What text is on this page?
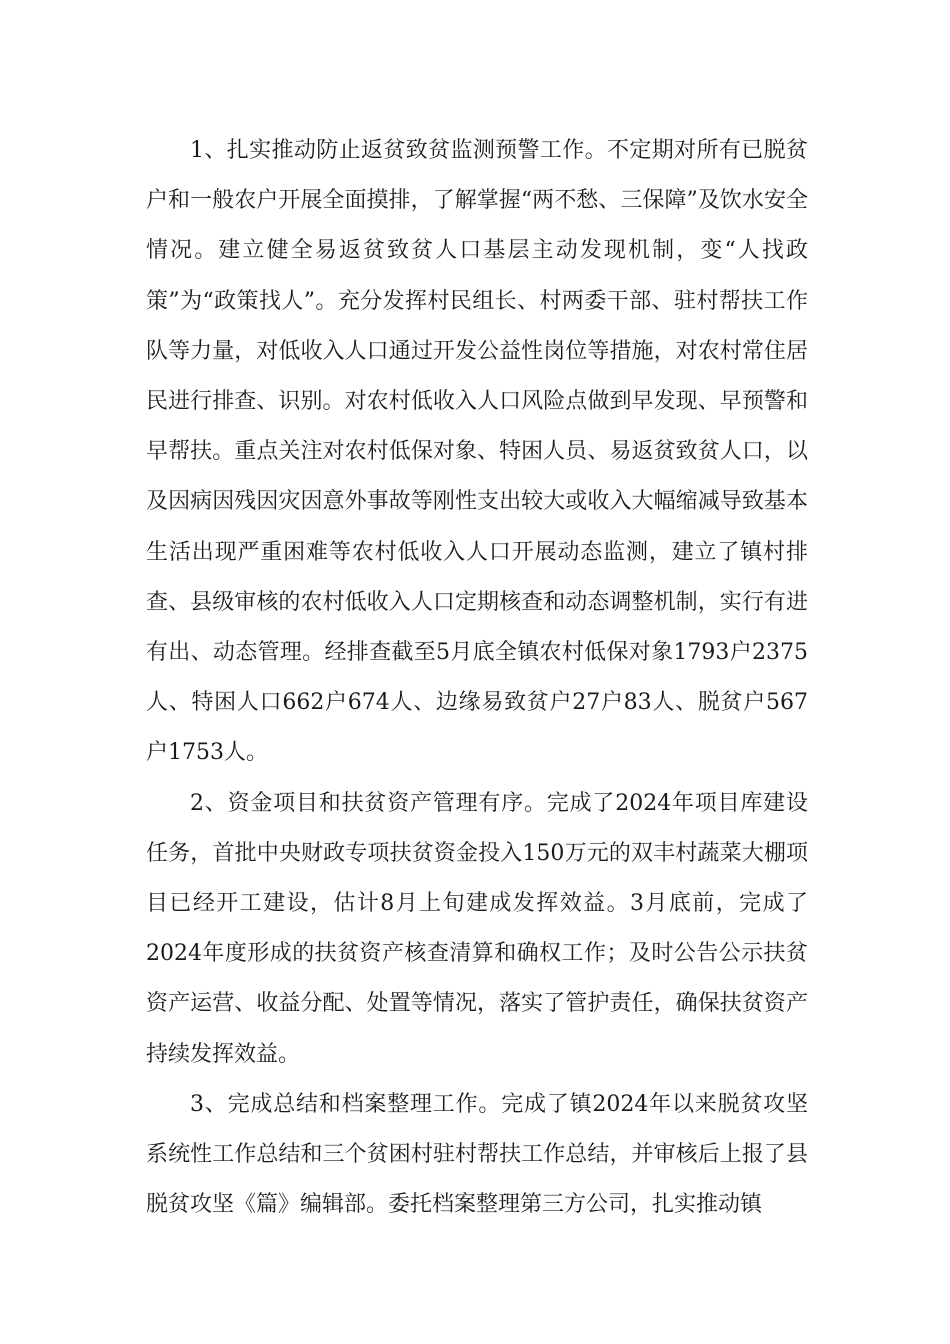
1、扎实推动防止返贫致贫监测预警工作。不定期对所有已脱贫户和一般农户开展全面摸排，了解掌握“两不愁、三保障”及饮水安全情况。建立健全易返贫致贫人口基层主动发现机制，变“人找政策”为“政策找人”。充分发挥村民组长、村两委干部、驻村帮扶工作队等力量，对低收入人口通过开发公益性岗位等措施，对农村常住居民进行排查、识别。对农村低收入人口风险点做到早发现、早预警和早帮扶。重点关注对农村低保对象、特困人员、易返贫致贫人口，以及因病因残因灾因意外事故等刚性支出较大或收入大幅缩减导致基本生活出现严重困难等农村低收入人口开展动态监测，建立了镇村排查、县级审核的农村低收入人口定期核查和动态调整机制，实行有进有出、动态管理。经排查截至5月底全镇农村低保对象1793户2375人、特困人口662户674人、边缘易致贫户27户83人、脱贫户567户1753人。

2、资金项目和扶贫资产管理有序。完成了2024年项目库建设任务，首批中央财政专项扶贫资金投入150万元的双丰村蔬菜大棚项目已经开工建设，估计8月上旬建成发挥效益。3月底前，完成了2024年度形成的扶贫资产核查清算和确权工作；及时公告公示扶贫资产运营、收益分配、处置等情况，落实了管护责任，确保扶贫资产持续发挥效益。

3、完成总结和档案整理工作。完成了镇2024年以来脱贫攻坚系统性工作总结和三个贫困村驻村帮扶工作总结，并审核后上报了县脱贫攻坚《篇》编辑部。委托档案整理第三方公司，扎实推动镇
